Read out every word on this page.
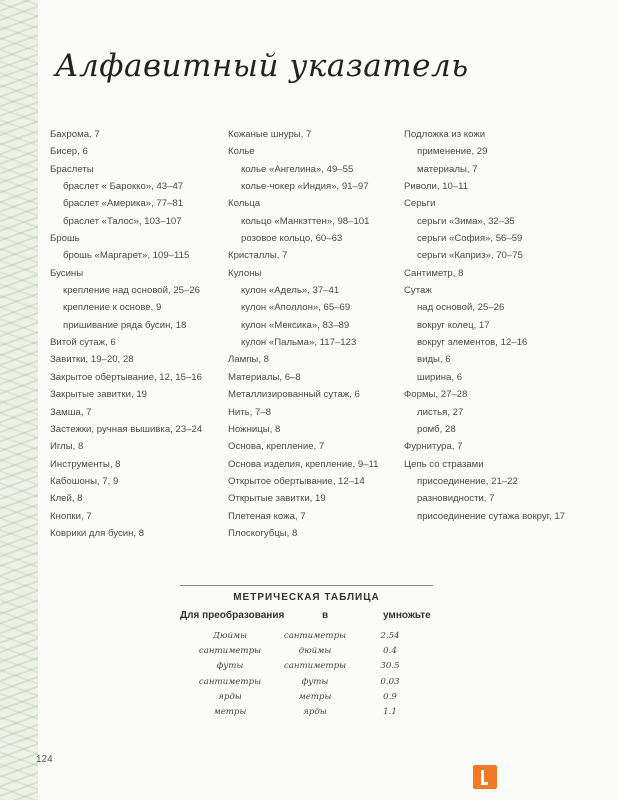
Алфавитный указатель
Бахрома, 7
Бисер, 6
Браслеты
браслет « Барокко», 43–47
браслет «Америка», 77–81
браслет «Талос», 103–107
Брошь
брошь «Маргарет», 109–115
Бусины
крепление над основой, 25–26
крепление к основе, 9
пришивание ряда бусин, 18
Витой сутаж, 6
Завитки, 19–20, 28
Закрытое обертывание, 12, 15–16
Закрытые завитки, 19
Замша, 7
Застежки, ручная вышивка, 23–24
Иглы, 8
Инструменты, 8
Кабошоны, 7, 9
Клей, 8
Кнопки, 7
Коврики для бусин, 8
Кожаные шнуры, 7
Колье
колье «Ангелина», 49–55
колье-чокер «Индия», 91–97
Кольца
кольцо «Манкэттен», 98–101
розовое кольцо, 60–63
Кристаллы, 7
Кулоны
кулон «Адель», 37–41
кулон «Аполлон», 65–69
кулон «Мексика», 83–89
кулон «Пальма», 117–123
Лампы, 8
Материалы, 6–8
Металлизированный сутаж, 6
Нить, 7–8
Ножницы, 8
Основа, крепление, 7
Основа изделия, крепление, 9–11
Открытое обертывание, 12–14
Открытые завитки, 19
Плетеная кожа, 7
Плоскогубцы, 8
Подложка из кожи
применение, 29
материалы, 7
Риволи, 10–11
Серьги
серьги «Зима», 32–35
серьги «София», 56–59
серьги «Каприз», 70–75
Сантиметр, 8
Сутаж
над основой, 25–26
вокруг колец, 17
вокруг элементов, 12–16
виды, 6
ширина, 6
Формы, 27–28
листья, 27
ромб, 28
Фурнитура, 7
Цепь со стразами
присоединение, 21–22
разновидности, 7
присоединение сутажа вокруг, 17
МЕТРИЧЕСКАЯ ТАБЛИЦА
Для преобразования	в	умножьте
Дюймы	сантиметры	2.54
сантиметры	дюймы	0.4
футы	сантиметры	30.5
сантиметры	футы	0.03
ярды	метры	0.9
метры	ярды	1.1
124
